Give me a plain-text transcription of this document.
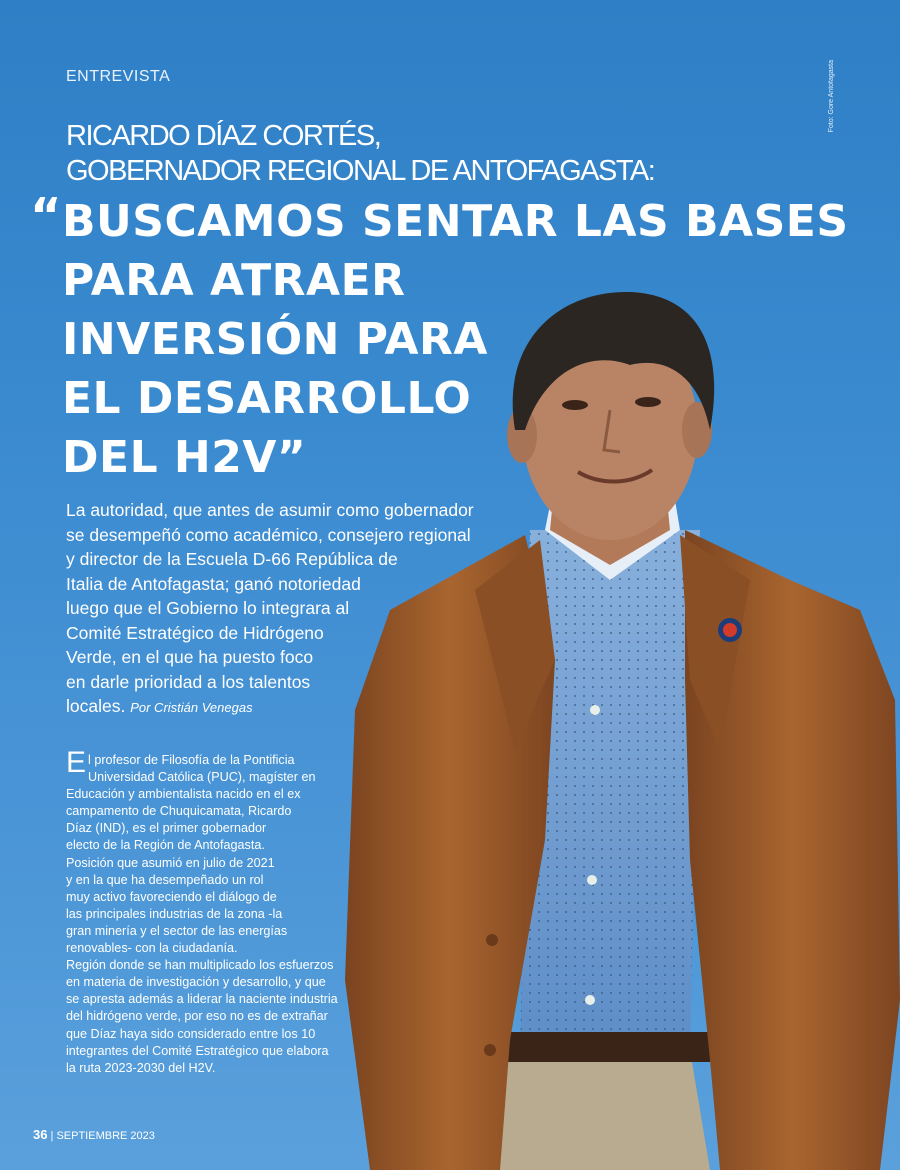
ENTREVISTA	Foto: Gore Antofagasta
RICARDO DÍAZ CORTÉS,
GOBERNADOR REGIONAL DE ANTOFAGASTA:
“ BUSCAMOS SENTAR LAS BASES
PARA ATRAER
INVERSIÓN PARA
EL DESARROLLO
DEL H2V”

La autoridad, que antes de asumir como gobernador
se desempeñó como académico, consejero regional
y director de la Escuela D-66 República de
Italia de Antofagasta; ganó notoriedad
luego que el Gobierno lo integrara al
Comité Estratégico de Hidrógeno
Verde, en el que ha puesto foco
en darle prioridad a los talentos
locales. Por Cristián Venegas

E l profesor de Filosofía de la Pontificia
Universidad Católica (PUC), magíster en
Educación y ambientalista nacido en el ex
campamento de Chuquicamata, Ricardo
Díaz (IND), es el primer gobernador
electo de la Región de Antofagasta.
Posición que asumió en julio de 2021
y en la que ha desempeñado un rol
muy activo favoreciendo el diálogo de
las principales industrias de la zona -la
gran minería y el sector de las energías
renovables- con la ciudadanía.
Región donde se han multiplicado los esfuerzos
en materia de investigación y desarrollo, y que
se apresta además a liderar la naciente industria
del hidrógeno verde, por eso no es de extrañar
que Díaz haya sido considerado entre los 10
integrantes del Comité Estratégico que elabora
la ruta 2023-2030 del H2V.

36 | SEPTIEMBRE 2023
